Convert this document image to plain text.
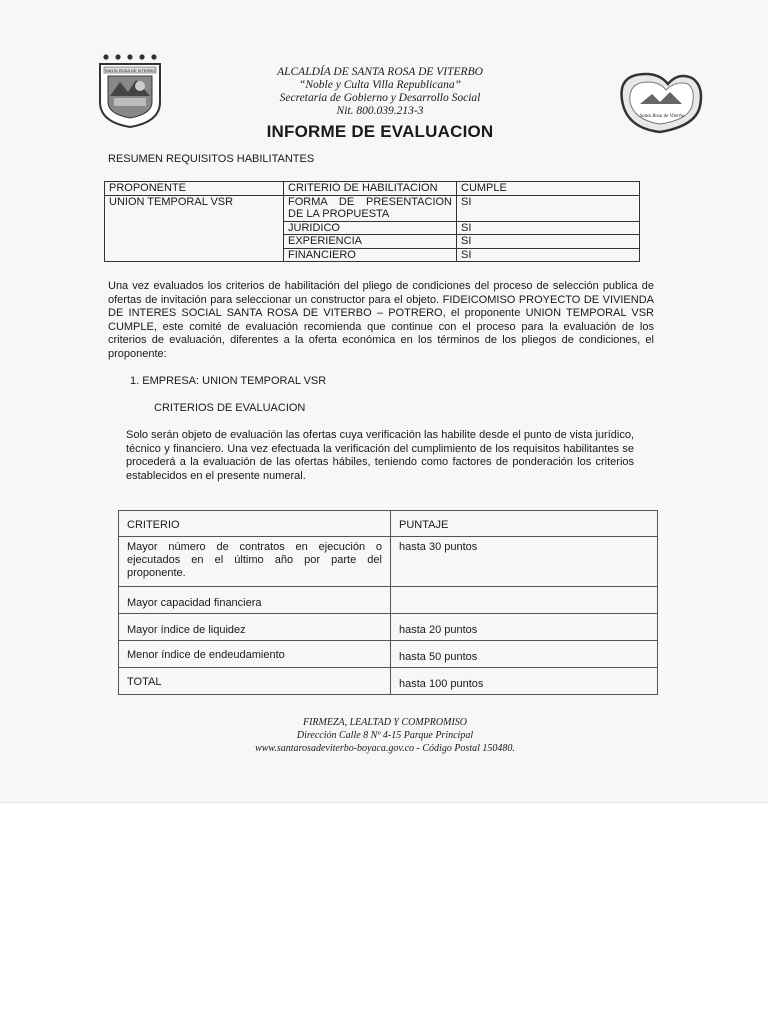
SANTA ROSA DE VITERBO
Santa Rosa de Viterbo
ALCALDÍA DE SANTA ROSA DE VITERBO
“Noble y Culta Villa Republicana”
Secretaria de Gobierno y Desarrollo Social
Nit. 800.039.213-3
INFORME DE EVALUACION
RESUMEN REQUISITOS HABILITANTES
PROPONENTE	CRITERIO DE HABILITACION	CUMPLE
UNION TEMPORAL VSR	FORMA DE PRESENTACION DE LA PROPUESTA	SI
	JURIDICO	SI
	EXPERIENCIA	SI
	FINANCIERO	SI
Una vez evaluados los criterios de habilitación del pliego de condiciones del proceso de selección publica de ofertas de invitación para seleccionar un constructor para el objeto. FIDEICOMISO PROYECTO DE VIVIENDA DE INTERES SOCIAL SANTA ROSA DE VITERBO – POTRERO, el proponente UNION TEMPORAL VSR CUMPLE, este comité de evaluación recomienda que continue con el proceso para la evaluación de los criterios de evaluación, diferentes a la oferta económica en los términos de los pliegos de condiciones, el proponente:
1. EMPRESA: UNION TEMPORAL VSR
CRITERIOS DE EVALUACION
Solo serán objeto de evaluación las ofertas cuya verificación las habilite desde el punto de vista jurídico, técnico y financiero. Una vez efectuada la verificación del cumplimiento de los requisitos habilitantes se procederá a la evaluación de las ofertas hábiles, teniendo como factores de ponderación los criterios establecidos en el presente numeral.
CRITERIO	PUNTAJE
Mayor número de contratos en ejecución o ejecutados en el último año por parte del proponente.	hasta 30 puntos
Mayor capacidad financiera	
Mayor índice de liquidez	hasta 20 puntos
Menor índice de endeudamiento	hasta 50 puntos
TOTAL	hasta 100 puntos
FIRMEZA, LEALTAD Y COMPROMISO
Dirección Calle 8 Nº 4-15 Parque Principal
www.santarosadeviterbo-boyaca.gov.co - Código Postal 150480.
